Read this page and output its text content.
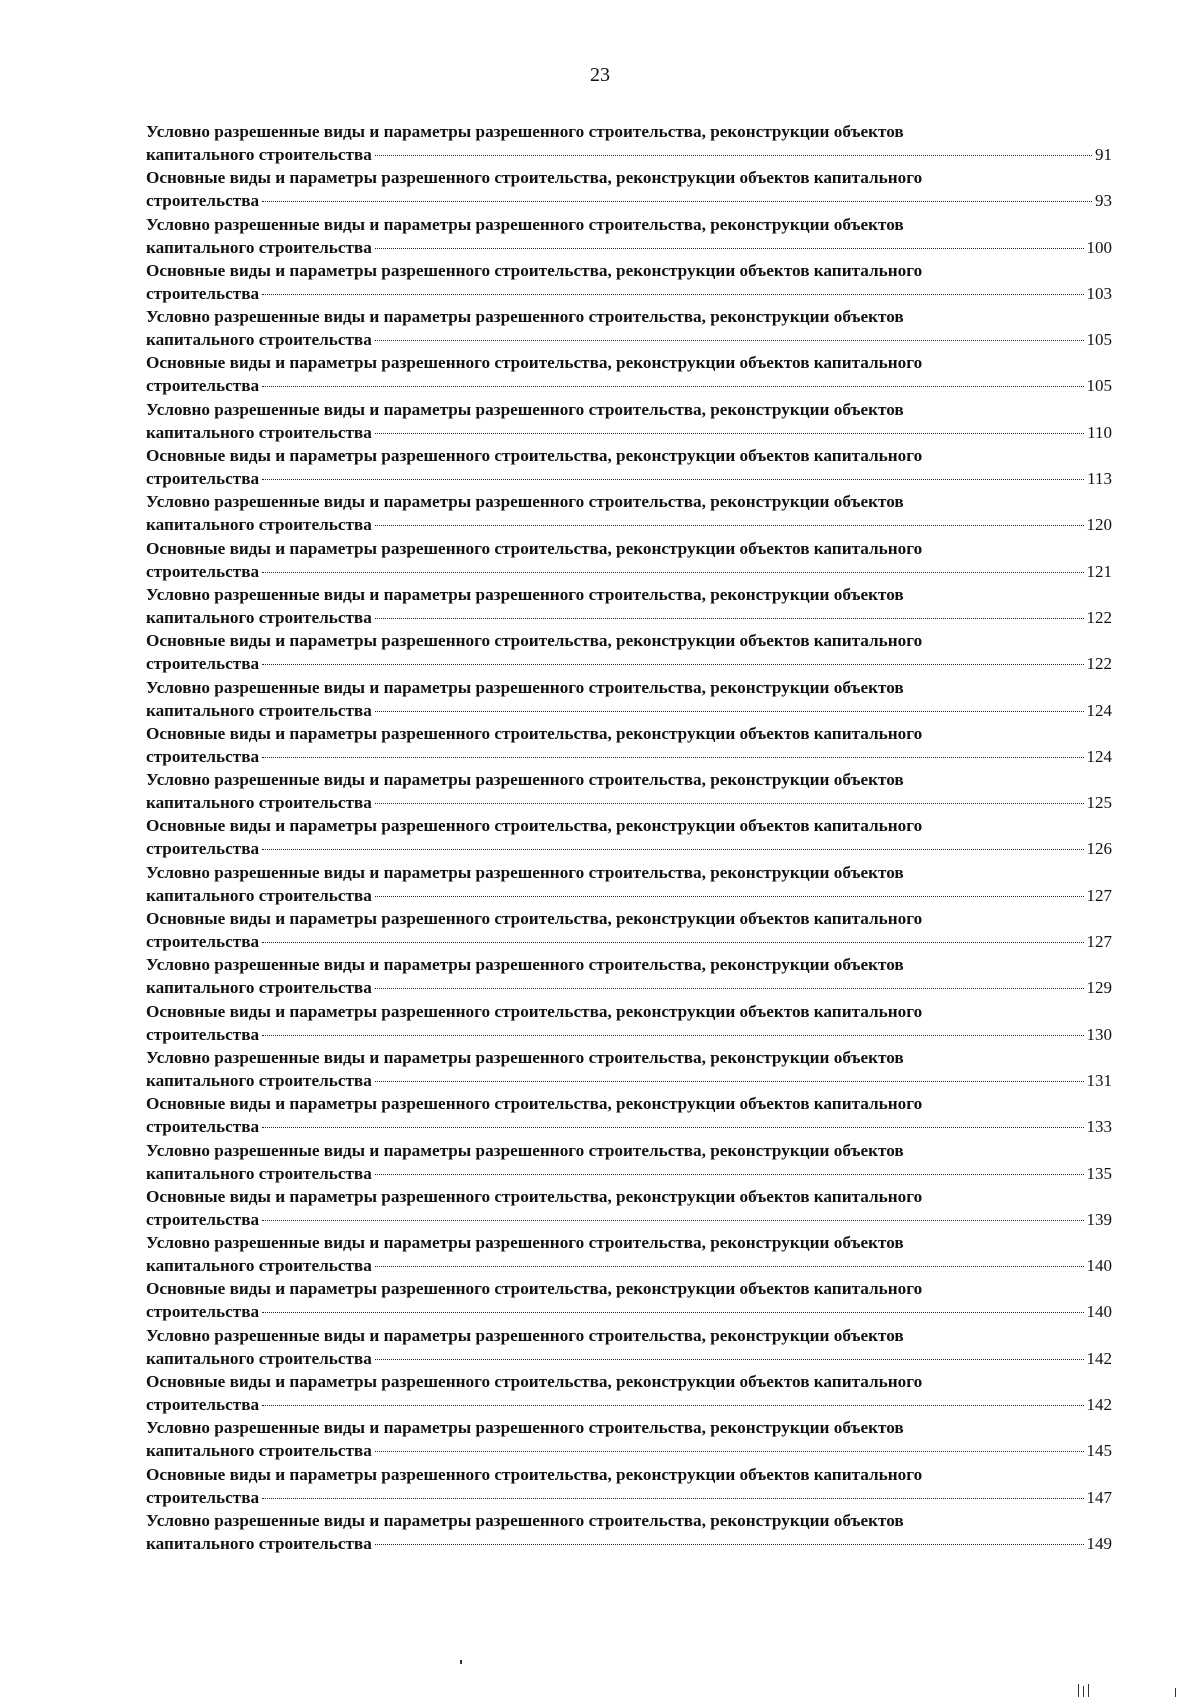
23
Условно разрешенные виды и параметры разрешенного строительства, реконструкции объектов
капитального строительства	91
Основные виды и параметры разрешенного строительства, реконструкции объектов капитального
строительства	93
Условно разрешенные виды и параметры разрешенного строительства, реконструкции объектов
капитального строительства	100
Основные виды и параметры разрешенного строительства, реконструкции объектов капитального
строительства	103
Условно разрешенные виды и параметры разрешенного строительства, реконструкции объектов
капитального строительства	105
Основные виды и параметры разрешенного строительства, реконструкции объектов капитального
строительства	105
Условно разрешенные виды и параметры разрешенного строительства, реконструкции объектов
капитального строительства	110
Основные виды и параметры разрешенного строительства, реконструкции объектов капитального
строительства	113
Условно разрешенные виды и параметры разрешенного строительства, реконструкции объектов
капитального строительства	120
Основные виды и параметры разрешенного строительства, реконструкции объектов капитального
строительства	121
Условно разрешенные виды и параметры разрешенного строительства, реконструкции объектов
капитального строительства	122
Основные виды и параметры разрешенного строительства, реконструкции объектов капитального
строительства	122
Условно разрешенные виды и параметры разрешенного строительства, реконструкции объектов
капитального строительства	124
Основные виды и параметры разрешенного строительства, реконструкции объектов капитального
строительства	124
Условно разрешенные виды и параметры разрешенного строительства, реконструкции объектов
капитального строительства	125
Основные виды и параметры разрешенного строительства, реконструкции объектов капитального
строительства	126
Условно разрешенные виды и параметры разрешенного строительства, реконструкции объектов
капитального строительства	127
Основные виды и параметры разрешенного строительства, реконструкции объектов капитального
строительства	127
Условно разрешенные виды и параметры разрешенного строительства, реконструкции объектов
капитального строительства	129
Основные виды и параметры разрешенного строительства, реконструкции объектов капитального
строительства	130
Условно разрешенные виды и параметры разрешенного строительства, реконструкции объектов
капитального строительства	131
Основные виды и параметры разрешенного строительства, реконструкции объектов капитального
строительства	133
Условно разрешенные виды и параметры разрешенного строительства, реконструкции объектов
капитального строительства	135
Основные виды и параметры разрешенного строительства, реконструкции объектов капитального
строительства	139
Условно разрешенные виды и параметры разрешенного строительства, реконструкции объектов
капитального строительства	140
Основные виды и параметры разрешенного строительства, реконструкции объектов капитального
строительства	140
Условно разрешенные виды и параметры разрешенного строительства, реконструкции объектов
капитального строительства	142
Основные виды и параметры разрешенного строительства, реконструкции объектов капитального
строительства	142
Условно разрешенные виды и параметры разрешенного строительства, реконструкции объектов
капитального строительства	145
Основные виды и параметры разрешенного строительства, реконструкции объектов капитального
строительства	147
Условно разрешенные виды и параметры разрешенного строительства, реконструкции объектов
капитального строительства	149
